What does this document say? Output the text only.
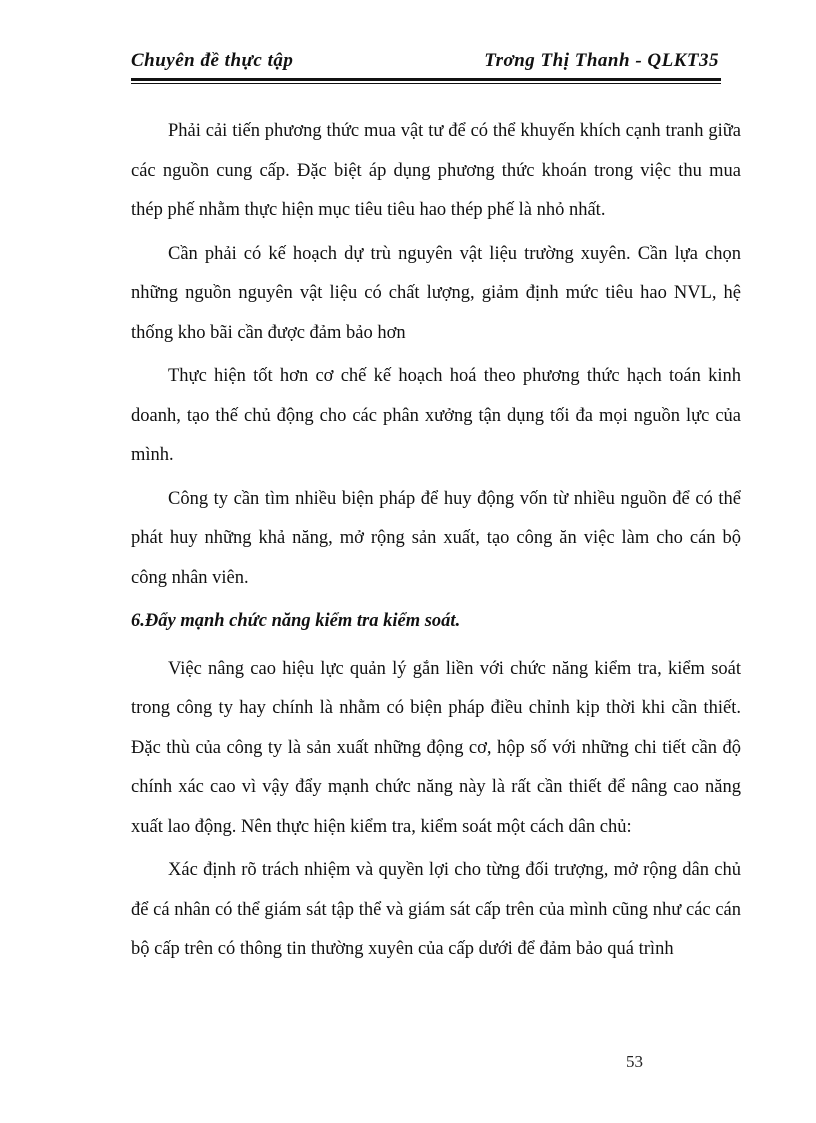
Chuyên đề thực tập	Trơng Thị Thanh - QLKT35

Phải cải tiến phương thức mua vật tư để có thể khuyến khích cạnh tranh giữa các nguồn cung cấp. Đặc biệt áp dụng phương thức khoán trong việc thu mua thép phế nhằm thực hiện mục tiêu tiêu hao thép phế là nhỏ nhất.

Cần phải có kế hoạch dự trù nguyên vật liệu trường xuyên. Cần lựa chọn những nguồn nguyên vật liệu có chất lượng, giảm định mức tiêu hao NVL, hệ thống kho bãi cần được đảm bảo hơn

Thực hiện tốt hơn cơ chế kế hoạch hoá theo phương thức hạch toán kinh doanh, tạo thế chủ động cho các phân xưởng tận dụng tối đa mọi nguồn lực của mình.

Công ty cần tìm nhiều biện pháp để huy động vốn từ nhiều nguồn để có thể phát huy những khả năng, mở rộng sản xuất, tạo công ăn việc làm cho cán bộ công nhân viên.

6.Đẩy mạnh chức năng kiểm tra kiểm soát.

Việc nâng cao hiệu lực quản lý gắn liền với chức năng kiểm tra, kiểm soát trong công ty hay chính là nhằm có biện pháp điều chỉnh kịp thời khi cần thiết. Đặc thù của công ty là sản xuất những động cơ, hộp số với những chi tiết cần độ chính xác cao vì vậy đẩy mạnh chức năng này là rất cần thiết để nâng cao năng xuất lao động. Nên thực hiện kiểm tra, kiểm soát một cách dân chủ:

Xác định rõ trách nhiệm và quyền lợi cho từng đối trượng, mở rộng dân chủ để cá nhân có thể giám sát tập thể và giám sát cấp trên của mình cũng như các cán bộ cấp trên có thông tin thường xuyên của cấp dưới để đảm bảo quá trình

53
